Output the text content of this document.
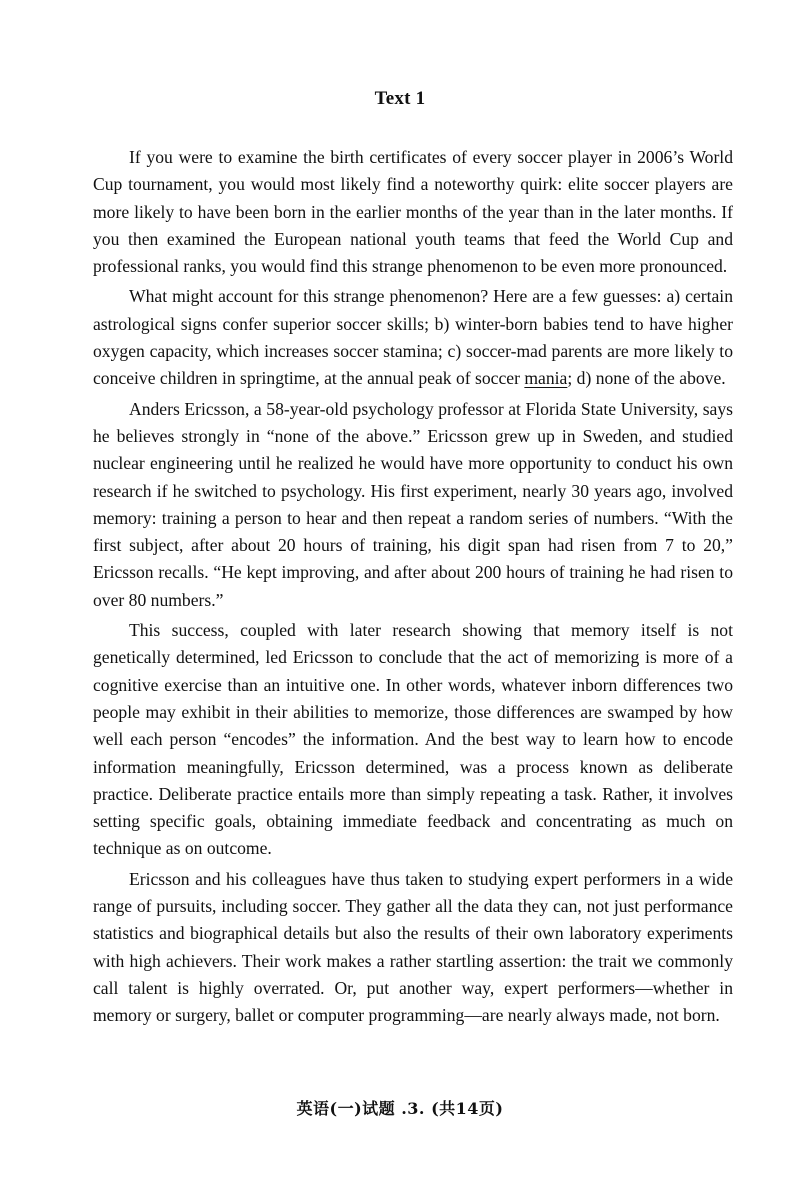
Text 1

If you were to examine the birth certificates of every soccer player in 2006’s World Cup tournament, you would most likely find a noteworthy quirk: elite soccer players are more likely to have been born in the earlier months of the year than in the later months. If you then examined the European national youth teams that feed the World Cup and professional ranks, you would find this strange phenomenon to be even more pronounced.

What might account for this strange phenomenon? Here are a few guesses: a) certain astrological signs confer superior soccer skills; b) winter-born babies tend to have higher oxygen capacity, which increases soccer stamina; c) soccer-mad parents are more likely to conceive children in springtime, at the annual peak of soccer mania; d) none of the above.

Anders Ericsson, a 58-year-old psychology professor at Florida State University, says he believes strongly in “none of the above.” Ericsson grew up in Sweden, and studied nuclear engineering until he realized he would have more opportunity to conduct his own research if he switched to psychology. His first experiment, nearly 30 years ago, involved memory: training a person to hear and then repeat a random series of numbers. “With the first subject, after about 20 hours of training, his digit span had risen from 7 to 20,” Ericsson recalls. “He kept improving, and after about 200 hours of training he had risen to over 80 numbers.”

This success, coupled with later research showing that memory itself is not genetically determined, led Ericsson to conclude that the act of memorizing is more of a cognitive exercise than an intuitive one. In other words, whatever inborn differences two people may exhibit in their abilities to memorize, those differences are swamped by how well each person “encodes” the information. And the best way to learn how to encode information meaningfully, Ericsson determined, was a process known as deliberate practice. Deliberate practice entails more than simply repeating a task. Rather, it involves setting specific goals, obtaining immediate feedback and concentrating as much on technique as on outcome.

Ericsson and his colleagues have thus taken to studying expert performers in a wide range of pursuits, including soccer. They gather all the data they can, not just performance statistics and biographical details but also the results of their own laboratory experiments with high achievers. Their work makes a rather startling assertion: the trait we commonly call talent is highly overrated. Or, put another way, expert performers—whether in memory or surgery, ballet or computer programming—are nearly always made, not born.

英语(一)试题 .3. (共14页)
